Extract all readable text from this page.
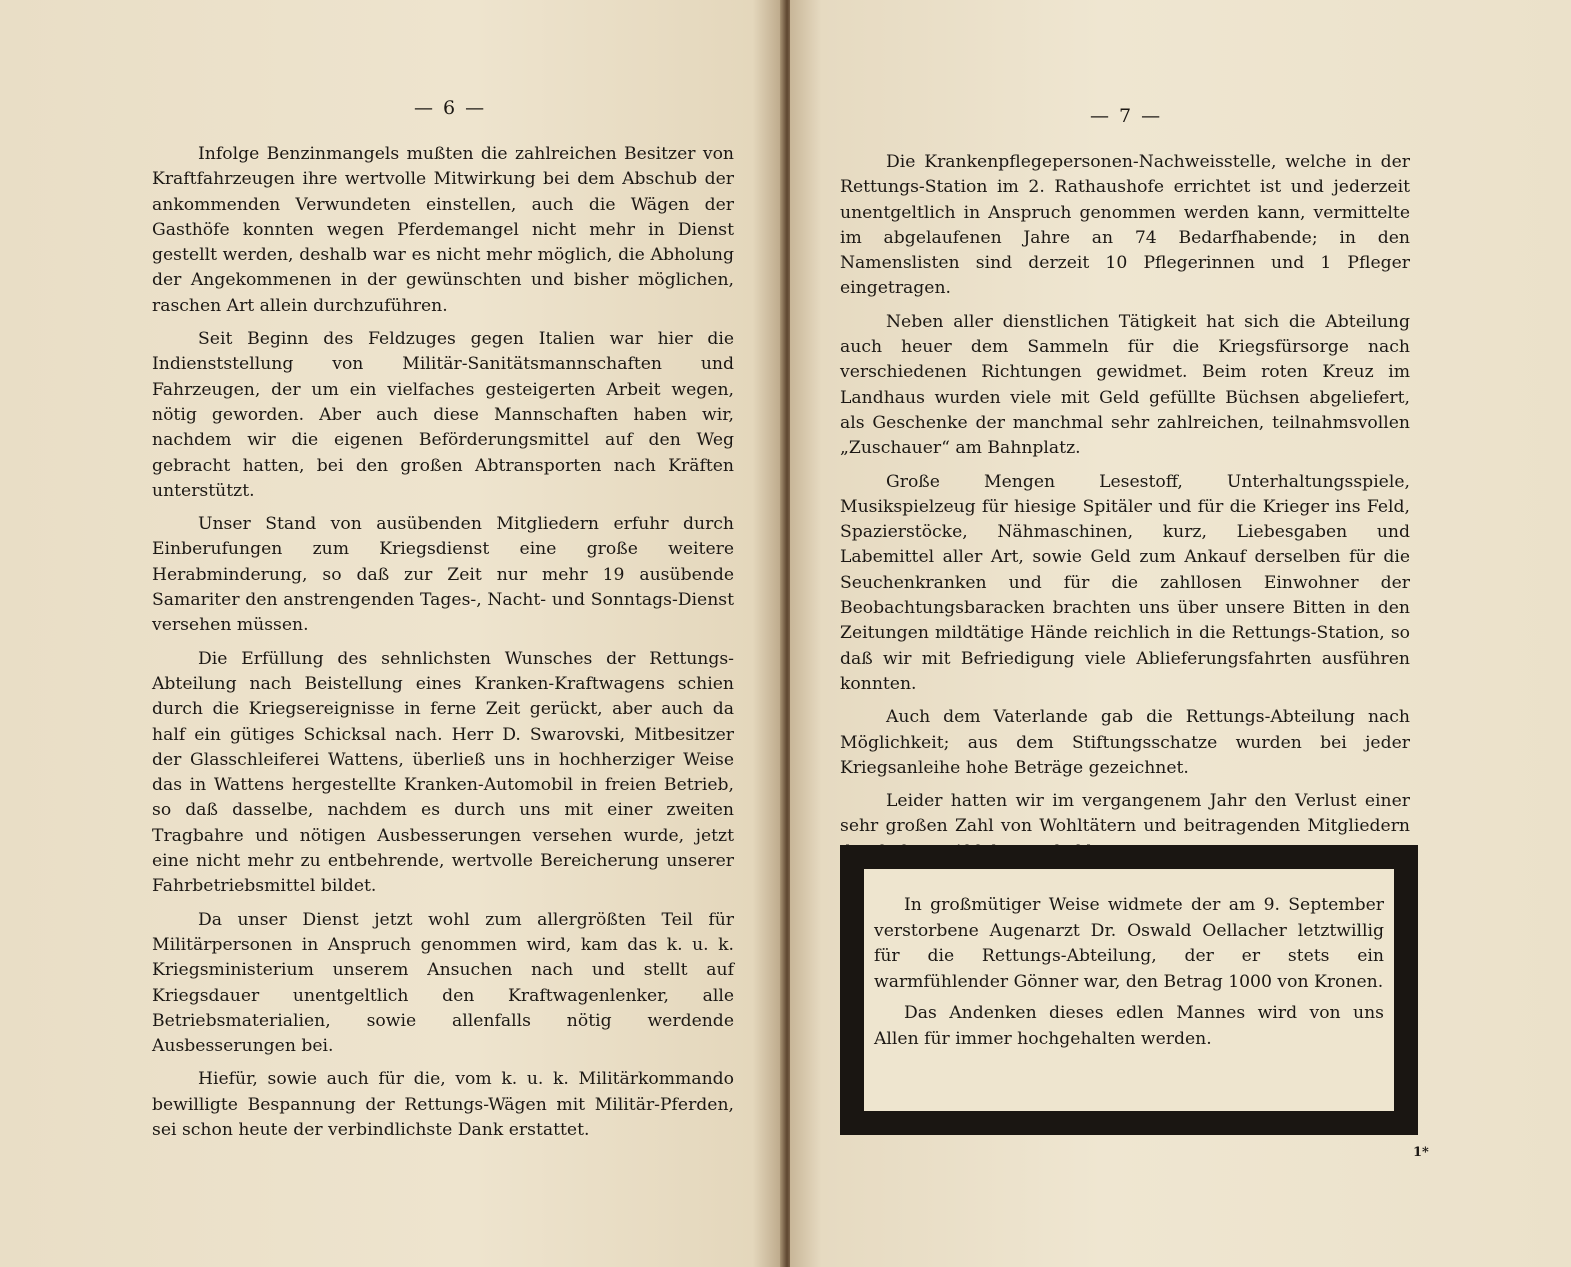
— 6 —

Infolge Benzinmangels mußten die zahlreichen Besitzer von Kraftfahrzeugen ihre wertvolle Mitwirkung bei dem Abschub der ankommenden Verwundeten einstellen, auch die Wägen der Gasthöfe konnten wegen Pferdemangel nicht mehr in Dienst gestellt werden, deshalb war es nicht mehr möglich, die Abholung der Angekommenen in der gewünschten und bisher möglichen, raschen Art allein durchzuführen.

Seit Beginn des Feldzuges gegen Italien war hier die Indienststellung von Militär-Sanitätsmannschaften und Fahrzeugen, der um ein vielfaches gesteigerten Arbeit wegen, nötig geworden. Aber auch diese Mannschaften haben wir, nachdem wir die eigenen Beförderungsmittel auf den Weg gebracht hatten, bei den großen Abtransporten nach Kräften unterstützt.

Unser Stand von ausübenden Mitgliedern erfuhr durch Einberufungen zum Kriegsdienst eine große weitere Herabminderung, so daß zur Zeit nur mehr 19 ausübende Samariter den anstrengenden Tages-, Nacht- und Sonntags-Dienst versehen müssen.

Die Erfüllung des sehnlichsten Wunsches der Rettungs-Abteilung nach Beistellung eines Kranken-Kraftwagens schien durch die Kriegsereignisse in ferne Zeit gerückt, aber auch da half ein gütiges Schicksal nach. Herr D. Swarovski, Mitbesitzer der Glasschleiferei Wattens, überließ uns in hochherziger Weise das in Wattens hergestellte Kranken-Automobil in freien Betrieb, so daß dasselbe, nachdem es durch uns mit einer zweiten Tragbahre und nötigen Ausbesserungen versehen wurde, jetzt eine nicht mehr zu entbehrende, wertvolle Bereicherung unserer Fahrbetriebsmittel bildet.

Da unser Dienst jetzt wohl zum allergrößten Teil für Militärpersonen in Anspruch genommen wird, kam das k. u. k. Kriegsministerium unserem Ansuchen nach und stellt auf Kriegsdauer unentgeltlich den Kraftwagenlenker, alle Betriebsmaterialien, sowie allenfalls nötig werdende Ausbesserungen bei.

Hiefür, sowie auch für die, vom k. u. k. Militärkommando bewilligte Bespannung der Rettungs-Wägen mit Militär-Pferden, sei schon heute der verbindlichste Dank erstattet.

— 7 —

Die Krankenpflegepersonen-Nachweisstelle, welche in der Rettungs-Station im 2. Rathaushofe errichtet ist und jederzeit unentgeltlich in Anspruch genommen werden kann, vermittelte im abgelaufenen Jahre an 74 Bedarfhabende; in den Namenslisten sind derzeit 10 Pflegerinnen und 1 Pfleger eingetragen.

Neben aller dienstlichen Tätigkeit hat sich die Abteilung auch heuer dem Sammeln für die Kriegsfürsorge nach verschiedenen Richtungen gewidmet. Beim roten Kreuz im Landhaus wurden viele mit Geld gefüllte Büchsen abgeliefert, als Geschenke der manchmal sehr zahlreichen, teilnahmsvollen „Zuschauer“ am Bahnplatz.

Große Mengen Lesestoff, Unterhaltungsspiele, Musikspielzeug für hiesige Spitäler und für die Krieger ins Feld, Spazierstöcke, Nähmaschinen, kurz, Liebesgaben und Labemittel aller Art, sowie Geld zum Ankauf derselben für die Seuchenkranken und für die zahllosen Einwohner der Beobachtungsbaracken brachten uns über unsere Bitten in den Zeitungen mildtätige Hände reichlich in die Rettungs-Station, so daß wir mit Befriedigung viele Ablieferungsfahrten ausführen konnten.

Auch dem Vaterlande gab die Rettungs-Abteilung nach Möglichkeit; aus dem Stiftungsschatze wurden bei jeder Kriegsanleihe hohe Beträge gezeichnet.

Leider hatten wir im vergangenem Jahr den Verlust einer sehr großen Zahl von Wohltätern und beitragenden Mitgliedern

In großmütiger Weise widmete der am 9. September verstorbene Augenarzt Dr. Oswald Oellacher letztwillig für die Rettungs-Abteilung, der er stets ein warmfühlender Gönner war, den Betrag 1000 von Kronen.

Das Andenken dieses edlen Mannes wird von uns Allen für immer hochgehalten werden.

1*
